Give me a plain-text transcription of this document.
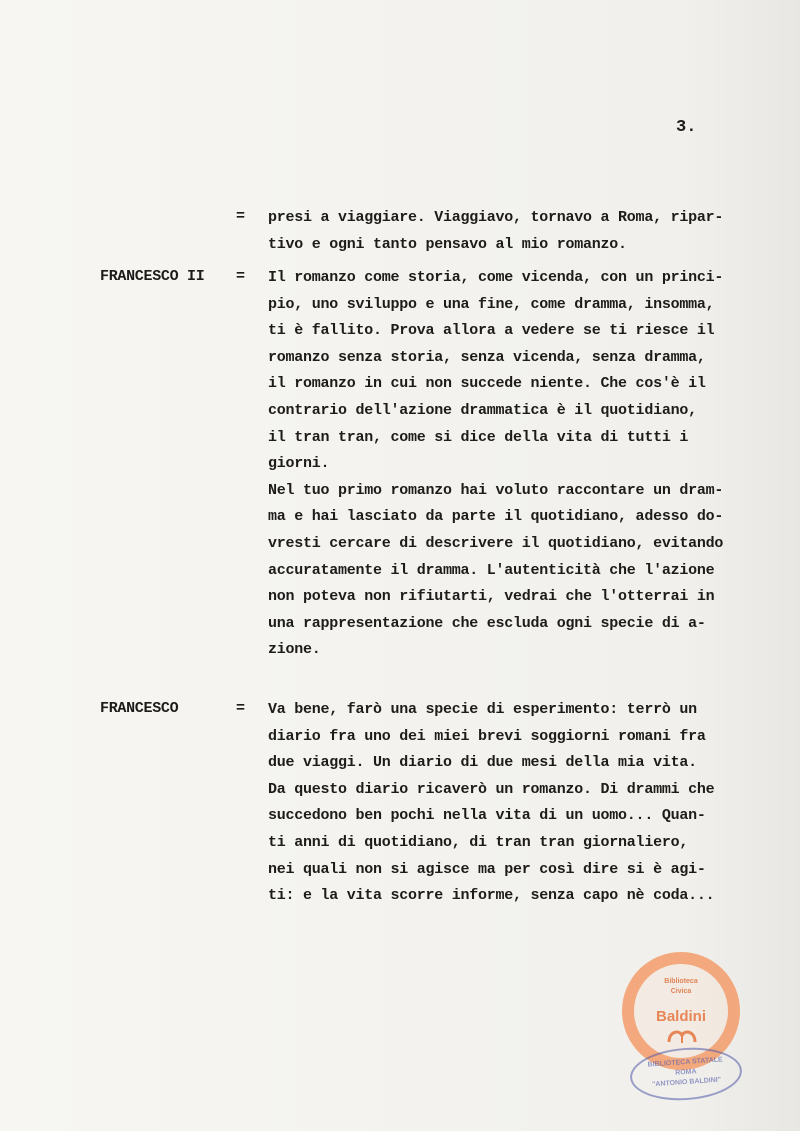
3.
= presi a viaggiare. Viaggiavo, tornavo a Roma, ripar-
tivo e ogni tanto pensavo al mio romanzo.
FRANCESCO II = Il romanzo come storia, come vicenda, con un princi-
pio, uno sviluppo e una fine, come dramma, insomma,
ti è fallito. Prova allora a vedere se ti riesce il
romanzo senza storia, senza vicenda, senza dramma,
il romanzo in cui non succede niente. Che cos'è il
contrario dell'azione drammatica è il quotidiano,
il tran tran, come si dice della vita di tutti i
giorni.
Nel tuo primo romanzo hai voluto raccontare un dram-
ma e hai lasciato da parte il quotidiano, adesso do-
vresti cercare di descrivere il quotidiano, evitando
accuratamente il dramma. L'autenticità che l'azione
non poteva non rifiutarti, vedrai che l'otterrai in
una rappresentazione che escluda ogni specie di a-
zione.
FRANCESCO	= Va bene, farò una specie di esperimento: terrò un
diario fra uno dei miei brevi soggiorni romani fra
due viaggi. Un diario di due mesi della mia vita.
Da questo diario ricaverò un romanzo. Di drammi che
succedono ben pochi nella vita di un uomo... Quan-
ti anni di quotidiano, di tran tran giornaliero,
nei quali non si agisce ma per così dire si è agi-
ti: e la vita scorre informe, senza capo nè coda...
Biblioteca
Civica
Baldini
BIBLIOTECA STATALE
ROMA
"ANTONIO BALDINI"
